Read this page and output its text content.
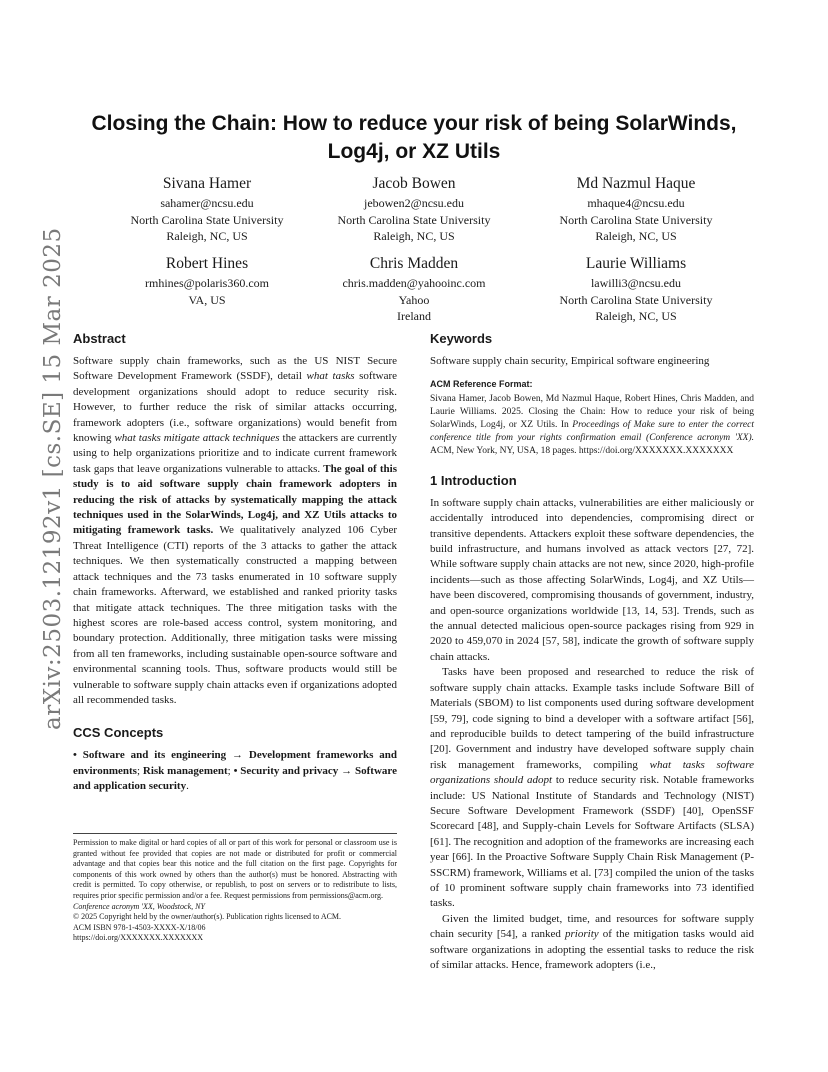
arXiv:2503.12192v1 [cs.SE] 15 Mar 2025
Closing the Chain: How to reduce your risk of being SolarWinds, Log4j, or XZ Utils
Sivana Hamer
sahamer@ncsu.edu
North Carolina State University
Raleigh, NC, US
Jacob Bowen
jebowen2@ncsu.edu
North Carolina State University
Raleigh, NC, US
Md Nazmul Haque
mhaque4@ncsu.edu
North Carolina State University
Raleigh, NC, US
Robert Hines
rmhines@polaris360.com
VA, US
Chris Madden
chris.madden@yahooinc.com
Yahoo
Ireland
Laurie Williams
lawilli3@ncsu.edu
North Carolina State University
Raleigh, NC, US
Abstract

Software supply chain frameworks, such as the US NIST Secure Software Development Framework (SSDF), detail what tasks software development organizations should adopt to reduce security risk. However, to further reduce the risk of similar attacks occurring, framework adopters (i.e., software organizations) would benefit from knowing what tasks mitigate attack techniques the attackers are currently using to help organizations prioritize and to indicate current framework task gaps that leave organizations vulnerable to attacks. The goal of this study is to aid software supply chain framework adopters in reducing the risk of attacks by systematically mapping the attack techniques used in the SolarWinds, Log4j, and XZ Utils attacks to mitigating framework tasks. We qualitatively analyzed 106 Cyber Threat Intelligence (CTI) reports of the 3 attacks to gather the attack techniques. We then systematically constructed a mapping between attack techniques and the 73 tasks enumerated in 10 software supply chain frameworks. Afterward, we established and ranked priority tasks that mitigate attack techniques. The three mitigation tasks with the highest scores are role-based access control, system monitoring, and boundary protection. Additionally, three mitigation tasks were missing from all ten frameworks, including sustainable open-source software and environmental scanning tools. Thus, software products would still be vulnerable to software supply chain attacks even if organizations adopted all recommended tasks.

CCS Concepts

• Software and its engineering → Development frameworks and environments; Risk management; • Security and privacy → Software and application security.

Permission to make digital or hard copies of all or part of this work for personal or classroom use is granted without fee provided that copies are not made or distributed for profit or commercial advantage and that copies bear this notice and the full citation on the first page. Copyrights for components of this work owned by others than the author(s) must be honored. Abstracting with credit is permitted. To copy otherwise, or republish, to post on servers or to redistribute to lists, requires prior specific permission and/or a fee. Request permissions from permissions@acm.org.
Conference acronym 'XX, Woodstock, NY
© 2025 Copyright held by the owner/author(s). Publication rights licensed to ACM.
ACM ISBN 978-1-4503-XXXX-X/18/06
https://doi.org/XXXXXXX.XXXXXXX
Keywords

Software supply chain security, Empirical software engineering

ACM Reference Format:

Sivana Hamer, Jacob Bowen, Md Nazmul Haque, Robert Hines, Chris Madden, and Laurie Williams. 2025. Closing the Chain: How to reduce your risk of being SolarWinds, Log4j, or XZ Utils. In Proceedings of Make sure to enter the correct conference title from your rights confirmation email (Conference acronym 'XX). ACM, New York, NY, USA, 18 pages. https://doi.org/XXXXXXX.XXXXXXX

1 Introduction

In software supply chain attacks, vulnerabilities are either maliciously or accidentally introduced into dependencies, compromising direct or transitive dependents. Attackers exploit these software dependencies, the build infrastructure, and humans involved as attack vectors [27, 72]. While software supply chain attacks are not new, since 2020, high-profile incidents—such as those affecting SolarWinds, Log4j, and XZ Utils—have been discovered, compromising thousands of government, industry, and open-source organizations worldwide [13, 14, 53]. Trends, such as the annual detected malicious open-source packages rising from 929 in 2020 to 459,070 in 2024 [57, 58], indicate the growth of software supply chain attacks.

Tasks have been proposed and researched to reduce the risk of software supply chain attacks. Example tasks include Software Bill of Materials (SBOM) to list components used during software development [59, 79], code signing to bind a developer with a software artifact [56], and reproducible builds to detect tampering of the build infrastructure [20]. Government and industry have developed software supply chain risk management frameworks, compiling what tasks software organizations should adopt to reduce security risk. Notable frameworks include: US National Institute of Standards and Technology (NIST) Secure Software Development Framework (SSDF) [40], OpenSSF Scorecard [48], and Supply-chain Levels for Software Artifacts (SLSA) [61]. The recognition and adoption of the frameworks are increasing each year [66]. In the Proactive Software Supply Chain Risk Management (P-SSCRM) framework, Williams et al. [73] compiled the union of the tasks of 10 prominent software supply chain frameworks into 73 identified tasks.

Given the limited budget, time, and resources for software supply chain security [54], a ranked priority of the mitigation tasks would aid software organizations in adopting the essential tasks to reduce the risk of similar attacks. Hence, framework adopters (i.e.,
